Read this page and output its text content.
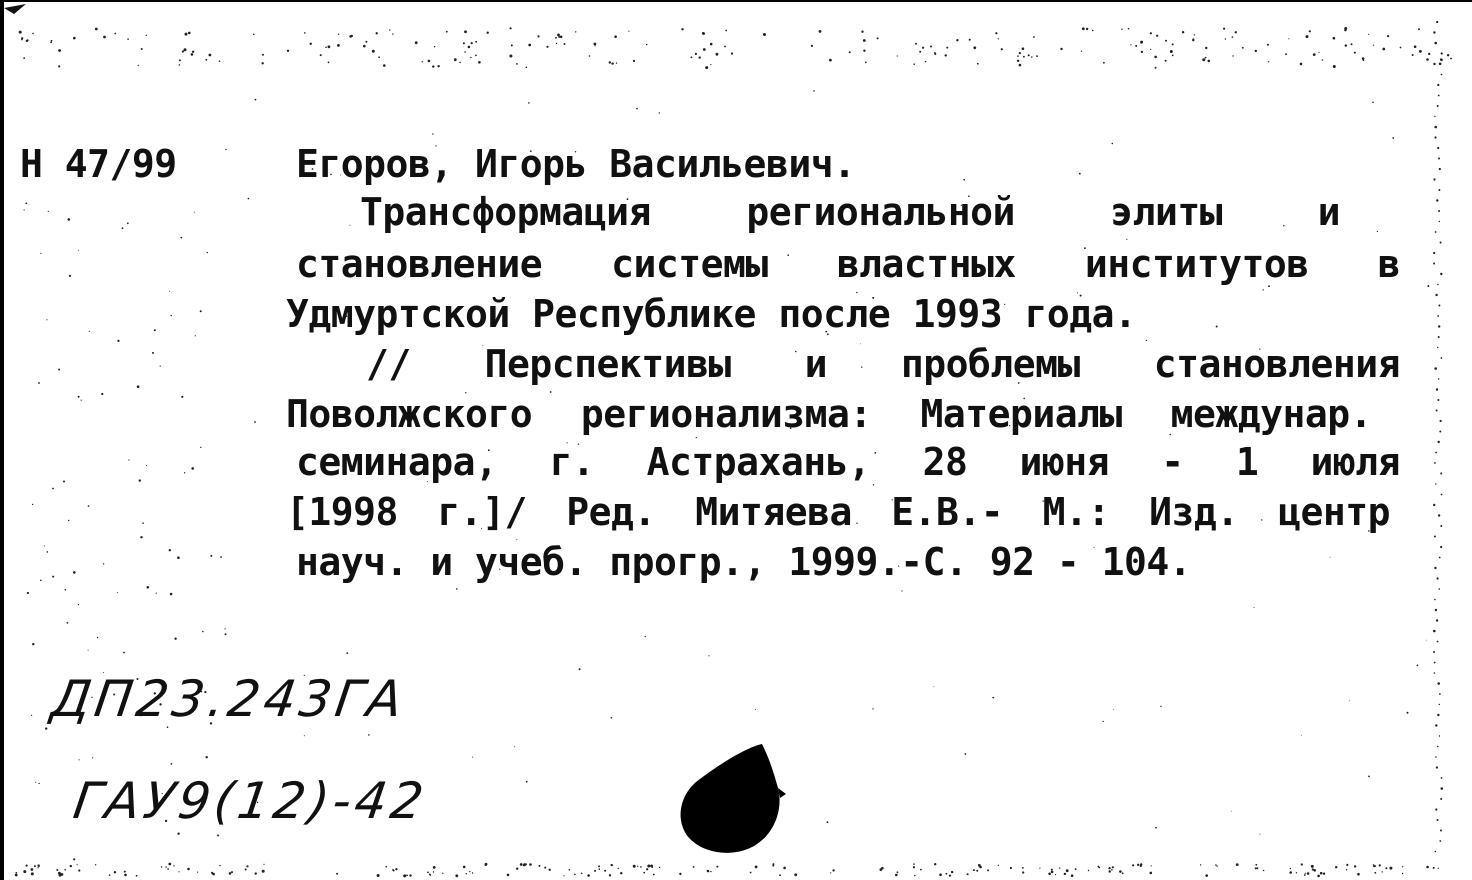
Н 47/99	Егоров, Игорь Васильевич.
Трансформация	региональной	элиты	и
становление системы властных институтов в
Удмуртской Республике после 1993 года.
// Перспективы и проблемы становления
Поволжского регионализма: Материалы междунар.
семинара, г. Астрахань, 28 июня - 1 июля
[1998 г.]/ Ред. Митяева Е.В.- М.: Изд. центр
науч. и учеб. прогр., 1999.-С. 92 - 104.
ДП23.243ГА
ГАУ9(12)-42
